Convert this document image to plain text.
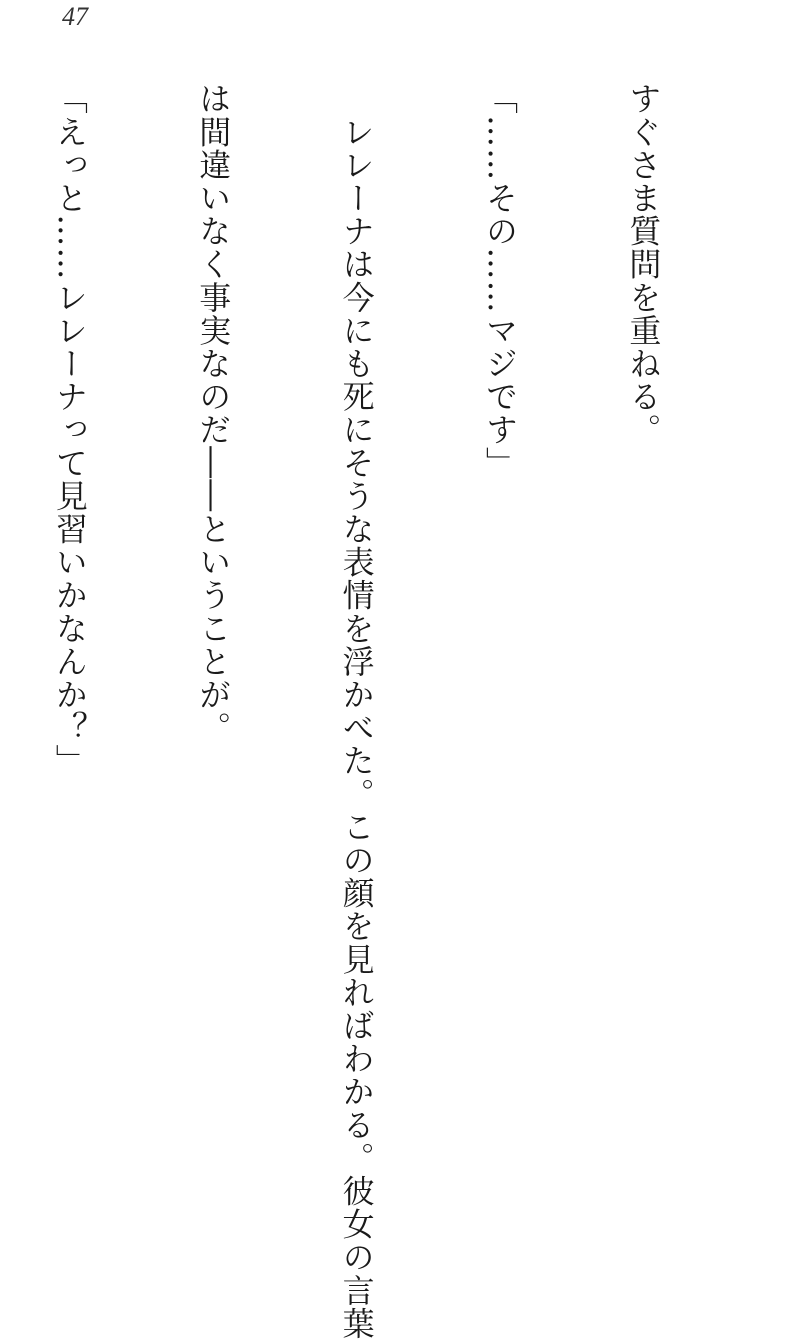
47

すぐさま質問を重ねる。

「……その……マジです」

　レレーナは今にも死にそうな表情を浮かべた。この顔を見ればわかる。彼女の言葉

は間違いなく事実なのだ――ということが。

「えっと……レレーナって見習いかなんか？」
